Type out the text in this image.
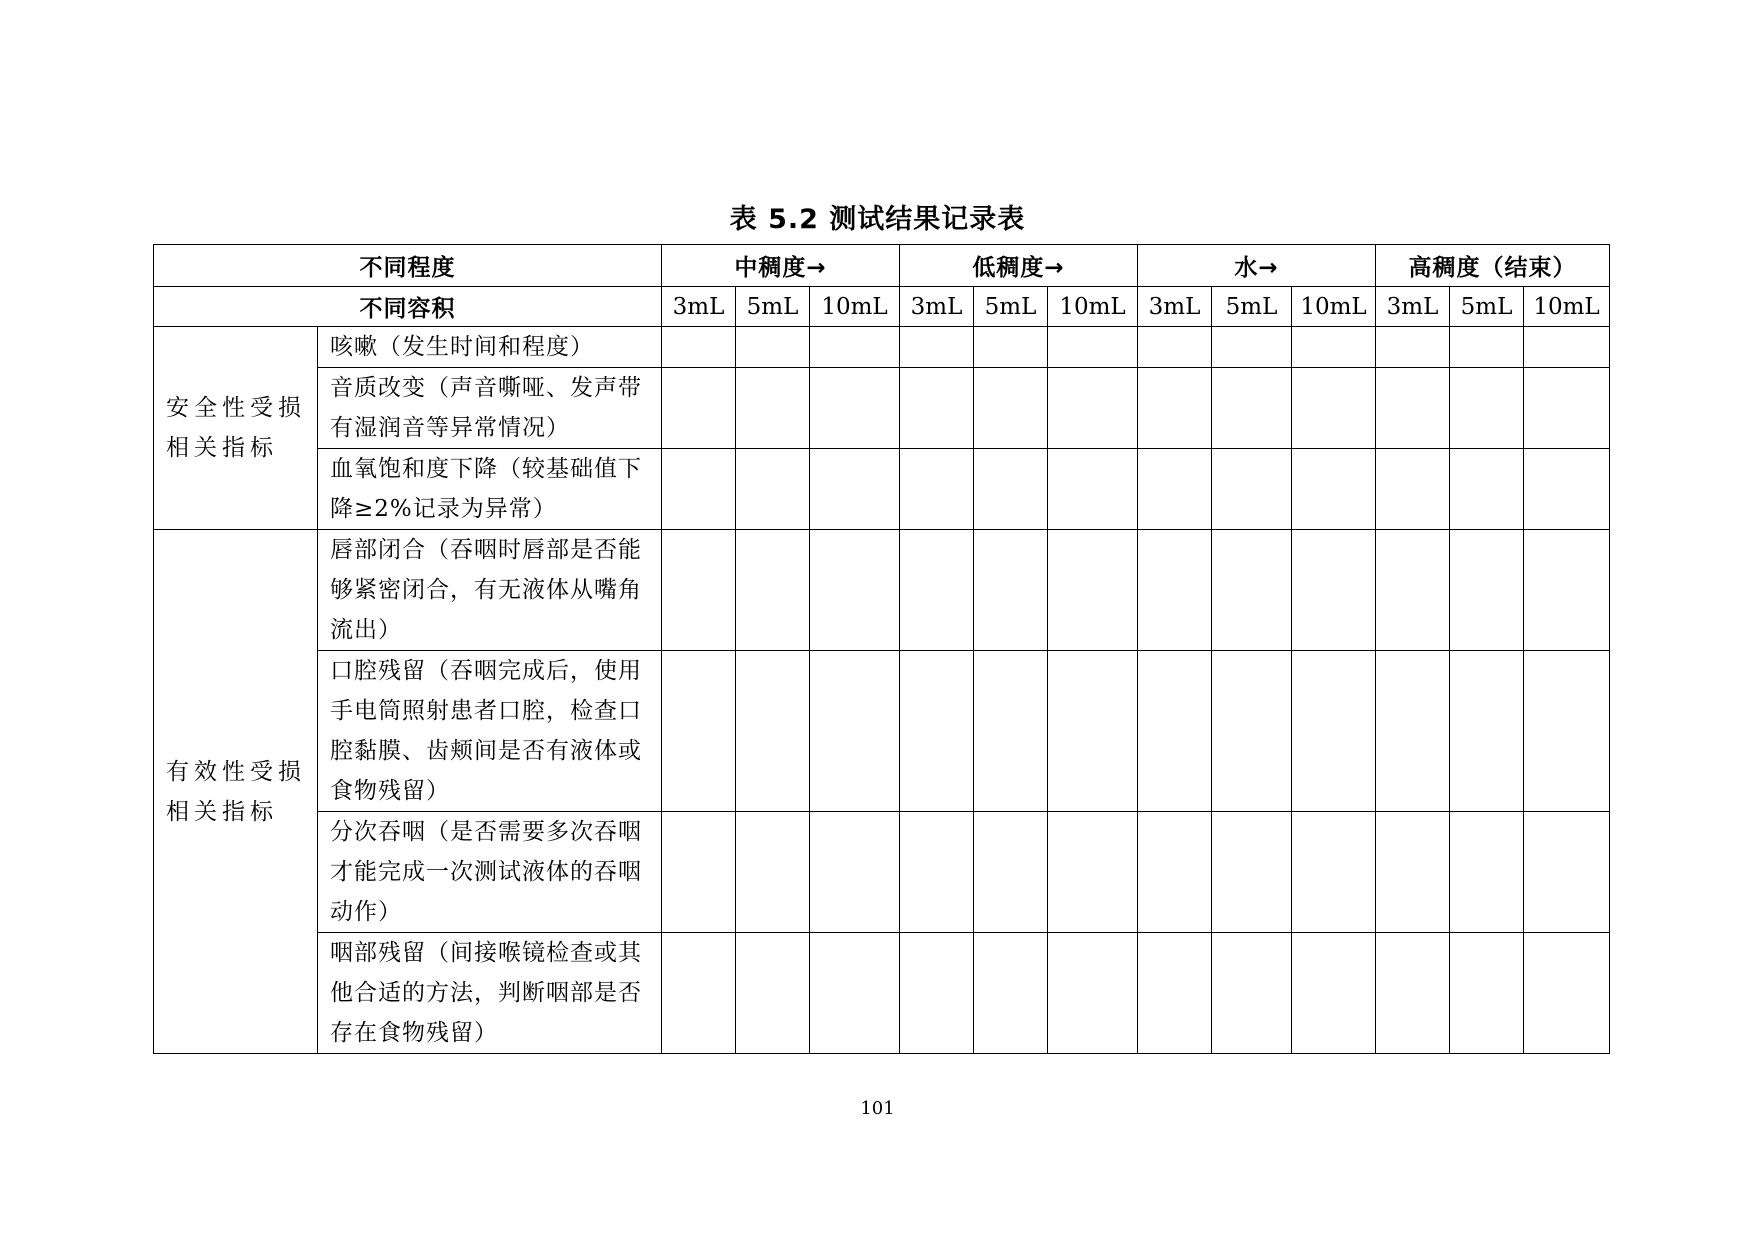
表 5.2 测试结果记录表
不同程度		中稠度→			低稠度→			水→			高稠度（结束）		
不同容积		3mL	5mL	10mL	3mL	5mL	10mL	3mL	5mL	10mL	3mL	5mL	10mL
安全性受损相关指标	咳嗽（发生时间和程度）												
	音质改变（声音嘶哑、发声带有湿润音等异常情况）												
	血氧饱和度下降（较基础值下降≥2%记录为异常）												
有效性受损相关指标	唇部闭合（吞咽时唇部是否能够紧密闭合，有无液体从嘴角流出）												
	口腔残留（吞咽完成后，使用手电筒照射患者口腔，检查口腔黏膜、齿颊间是否有液体或食物残留）												
	分次吞咽（是否需要多次吞咽才能完成一次测试液体的吞咽动作）												
	咽部残留（间接喉镜检查或其他合适的方法，判断咽部是否存在食物残留）												
101
